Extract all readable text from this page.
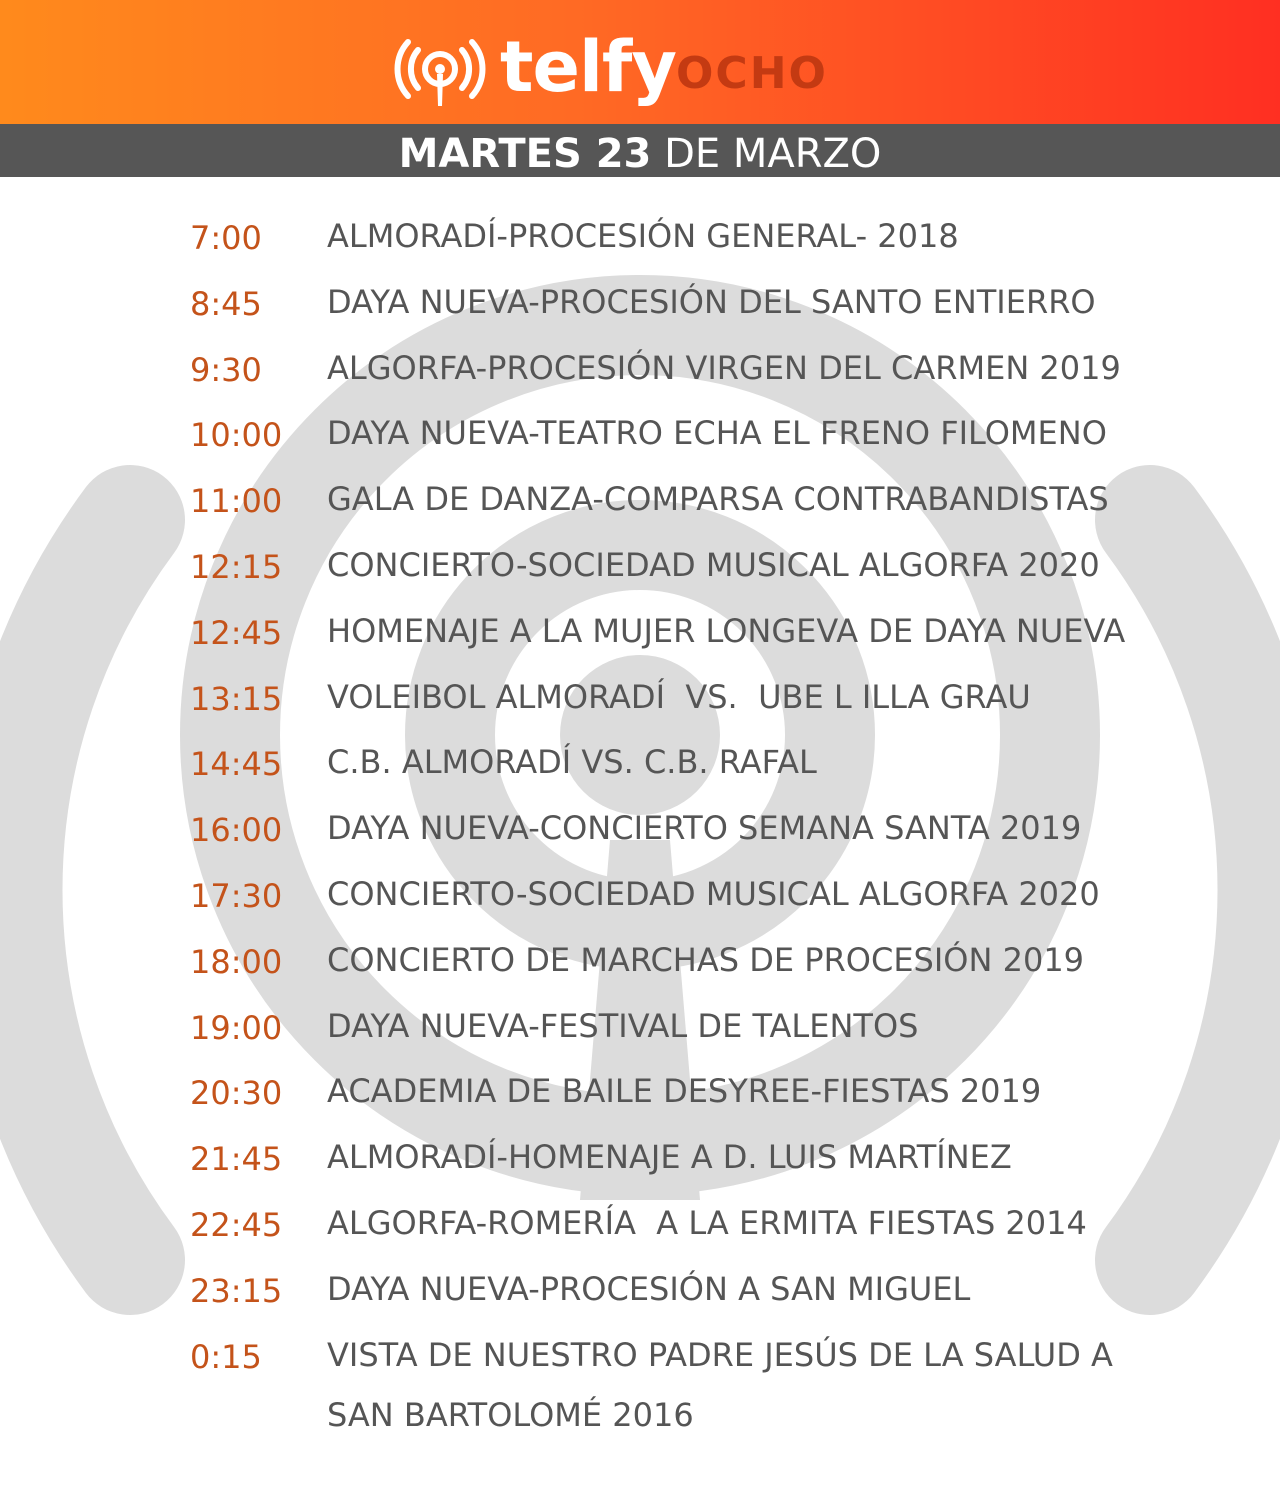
telfy OCHO
MARTES 23 DE MARZO
7:00	ALMORADÍ-PROCESIÓN GENERAL- 2018
8:45	DAYA NUEVA-PROCESIÓN DEL SANTO ENTIERRO
9:30	ALGORFA-PROCESIÓN VIRGEN DEL CARMEN 2019
10:00	DAYA NUEVA-TEATRO ECHA EL FRENO FILOMENO
11:00	GALA DE DANZA-COMPARSA CONTRABANDISTAS
12:15	CONCIERTO-SOCIEDAD MUSICAL ALGORFA 2020
12:45	HOMENAJE A LA MUJER LONGEVA DE DAYA NUEVA
13:15	VOLEIBOL ALMORADÍ  VS.  UBE L ILLA GRAU
14:45	C.B. ALMORADÍ VS. C.B. RAFAL
16:00	DAYA NUEVA-CONCIERTO SEMANA SANTA 2019
17:30	CONCIERTO-SOCIEDAD MUSICAL ALGORFA 2020
18:00	CONCIERTO DE MARCHAS DE PROCESIÓN 2019
19:00	DAYA NUEVA-FESTIVAL DE TALENTOS
20:30	ACADEMIA DE BAILE DESYREE-FIESTAS 2019
21:45	ALMORADÍ-HOMENAJE A D. LUIS MARTÍNEZ
22:45	ALGORFA-ROMERÍA  A LA ERMITA FIESTAS 2014
23:15	DAYA NUEVA-PROCESIÓN A SAN MIGUEL
0:15	VISTA DE NUESTRO PADRE JESÚS DE LA SALUD A
SAN BARTOLOMÉ 2016
